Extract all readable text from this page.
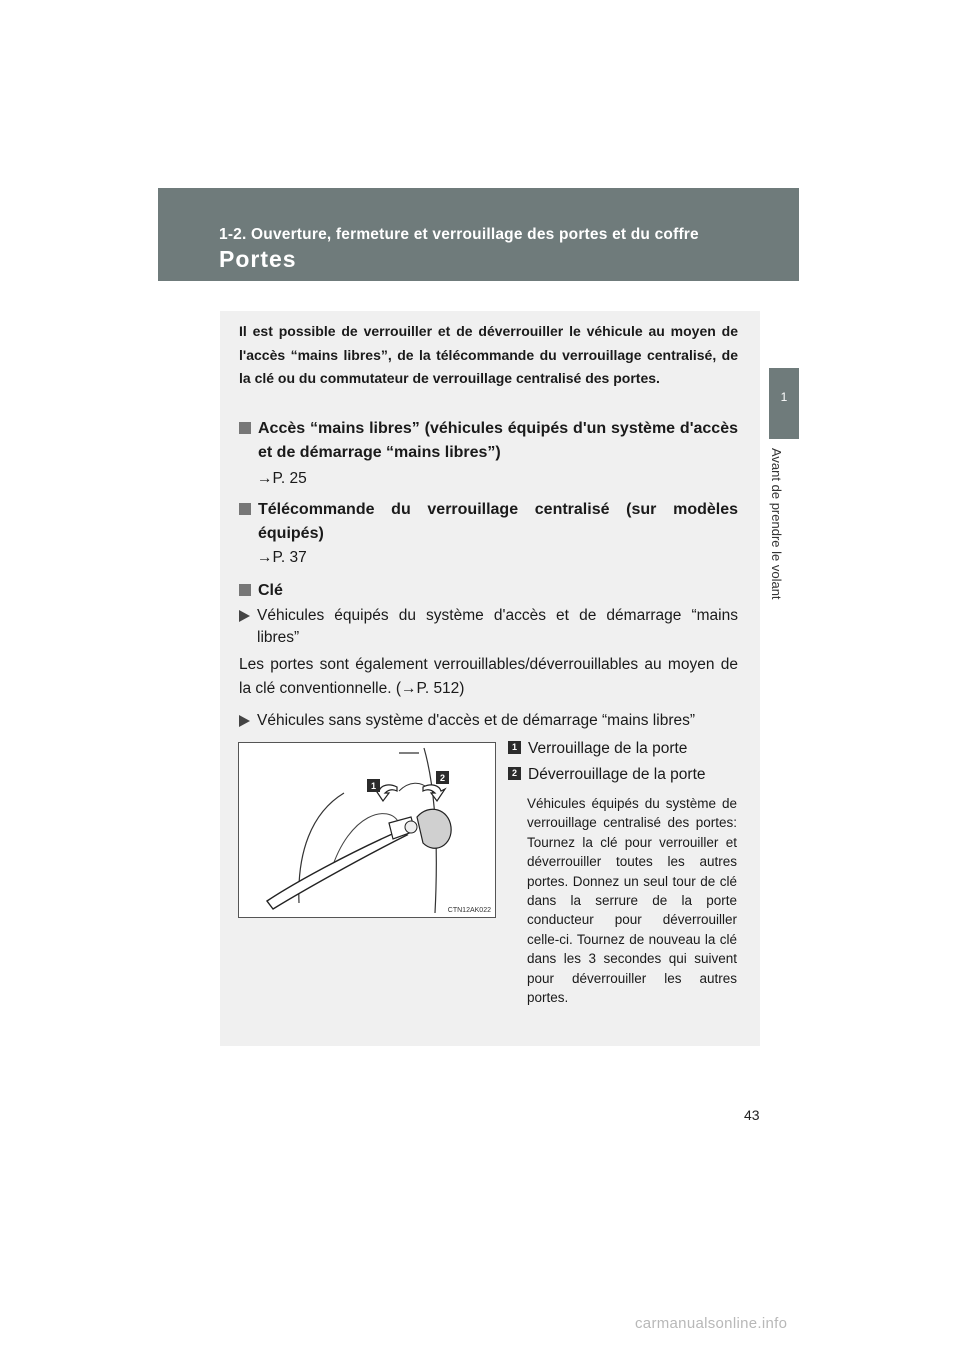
1-2. Ouverture, fermeture et verrouillage des portes et du coffre
Portes
1
Avant de prendre le volant
Il est possible de verrouiller et de déverrouiller le véhicule au moyen de l'accès “mains libres”, de la télécommande du verrouillage centralisé, de la clé ou du commutateur de verrouillage centralisé des portes.
Accès “mains libres” (véhicules équipés d'un système d'accès et de démarrage “mains libres”)
→P. 25
Télécommande du verrouillage centralisé (sur modèles équipés)
→P. 37
Clé
Véhicules équipés du système d'accès et de démarrage “mains libres”
Les portes sont également verrouillables/déverrouillables au moyen de la clé conventionnelle. (→P. 512)
Véhicules sans système d'accès et de démarrage “mains libres”
1
2
CTN12AK022
1 Verrouillage de la porte
2 Déverrouillage de la porte
Véhicules équipés du système de verrouillage centralisé des portes: Tournez la clé pour verrouiller et déverrouiller toutes les autres portes. Donnez un seul tour de clé dans la serrure de la porte conducteur pour déverrouiller celle-ci. Tournez de nouveau la clé dans les 3 secondes qui suivent pour déverrouiller les autres portes.
43
carmanualsonline.info
